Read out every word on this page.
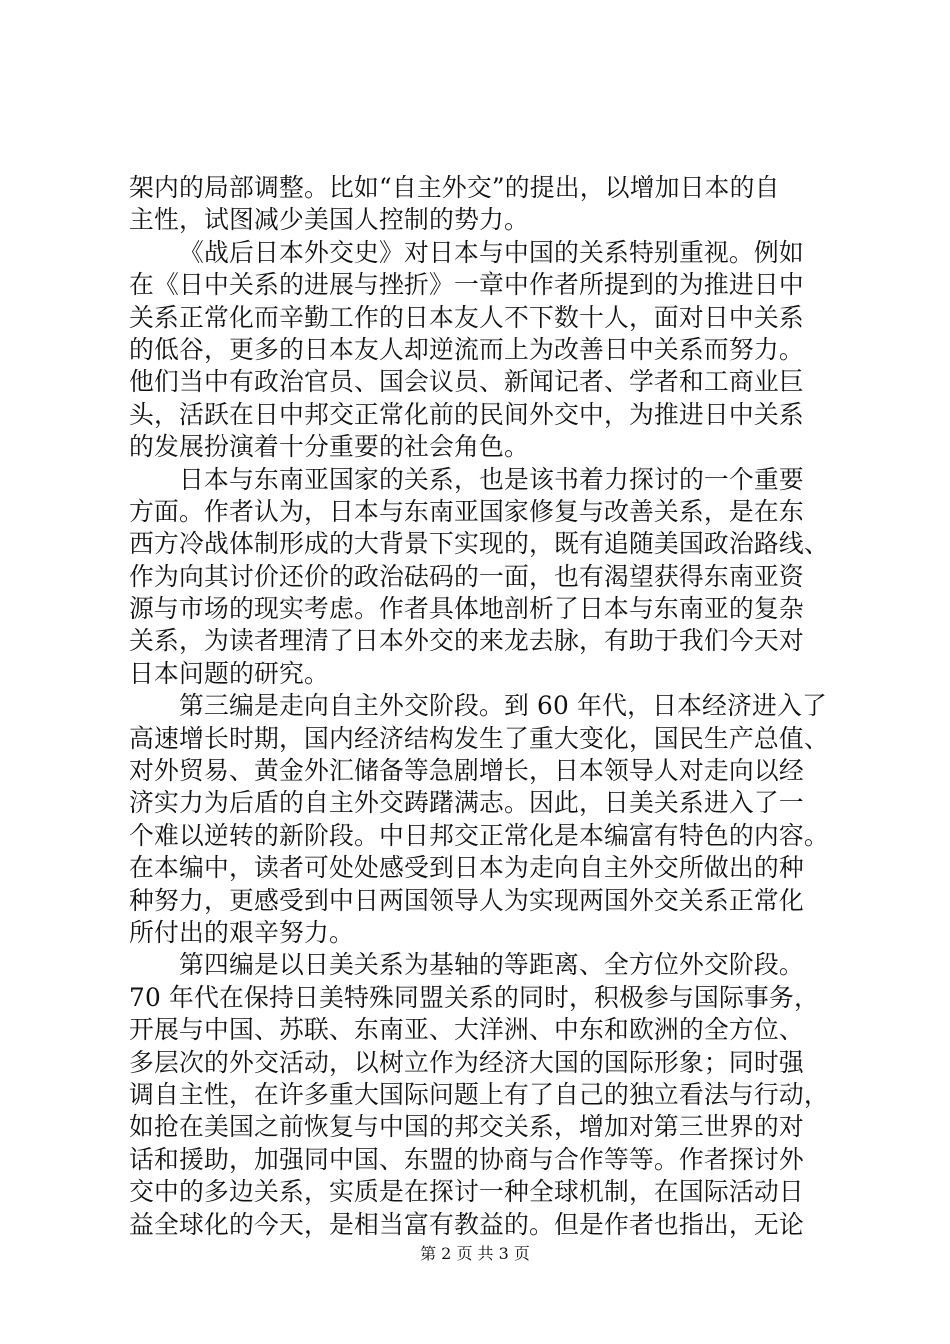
架内的局部调整。比如“自主外交”的提出，以增加日本的自
主性，试图减少美国人控制的势力。

《战后日本外交史》对日本与中国的关系特别重视。例如
在《日中关系的进展与挫折》一章中作者所提到的为推进日中
关系正常化而辛勤工作的日本友人不下数十人，面对日中关系
的低谷，更多的日本友人却逆流而上为改善日中关系而努力。
他们当中有政治官员、国会议员、新闻记者、学者和工商业巨
头，活跃在日中邦交正常化前的民间外交中，为推进日中关系
的发展扮演着十分重要的社会角色。

日本与东南亚国家的关系，也是该书着力探讨的一个重要
方面。作者认为，日本与东南亚国家修复与改善关系，是在东
西方冷战体制形成的大背景下实现的，既有追随美国政治路线、
作为向其讨价还价的政治砝码的一面，也有渴望获得东南亚资
源与市场的现实考虑。作者具体地剖析了日本与东南亚的复杂
关系，为读者理清了日本外交的来龙去脉，有助于我们今天对
日本问题的研究。

第三编是走向自主外交阶段。到 60 年代，日本经济进入了
高速增长时期，国内经济结构发生了重大变化，国民生产总值、
对外贸易、黄金外汇储备等急剧增长，日本领导人对走向以经
济实力为后盾的自主外交踌躇满志。因此，日美关系进入了一
个难以逆转的新阶段。中日邦交正常化是本编富有特色的内容。
在本编中，读者可处处感受到日本为走向自主外交所做出的种
种努力，更感受到中日两国领导人为实现两国外交关系正常化
所付出的艰辛努力。

第四编是以日美关系为基轴的等距离、全方位外交阶段。
70 年代在保持日美特殊同盟关系的同时，积极参与国际事务，
开展与中国、苏联、东南亚、大洋洲、中东和欧洲的全方位、
多层次的外交活动，以树立作为经济大国的国际形象；同时强
调自主性，在许多重大国际问题上有了自己的独立看法与行动，
如抢在美国之前恢复与中国的邦交关系，增加对第三世界的对
话和援助，加强同中国、东盟的协商与合作等等。作者探讨外
交中的多边关系，实质是在探讨一种全球机制，在国际活动日
益全球化的今天，是相当富有教益的。但是作者也指出，无论

第 2 页 共 3 页
